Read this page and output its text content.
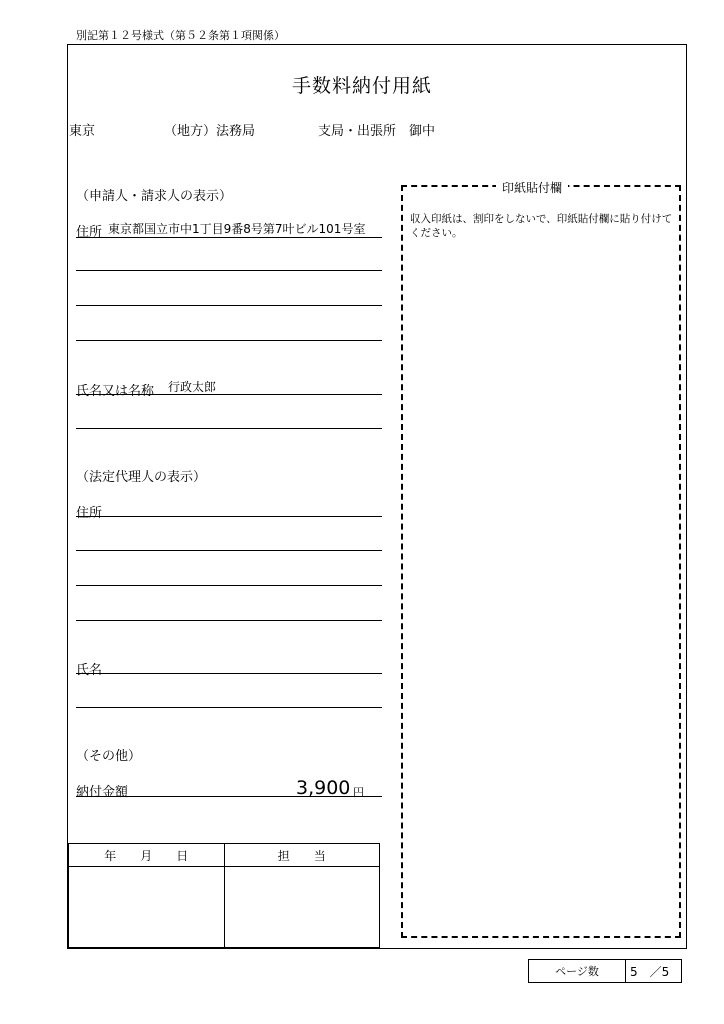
別記第１２号様式（第５２条第１項関係）
手数料納付用紙
東京	（地方）法務局	支局・出張所　御中
（申請人・請求人の表示）
住所 東京都国立市中1丁目9番8号第7叶ビル101号室
氏名又は名称 行政太郎
（法定代理人の表示）
住所
氏名
（その他）
納付金額	3,900 円
印紙貼付欄
収入印紙は、割印をしないで、印紙貼付欄に貼り付けてください。
年　　月　　日	担　　当

ページ数	5　／5
